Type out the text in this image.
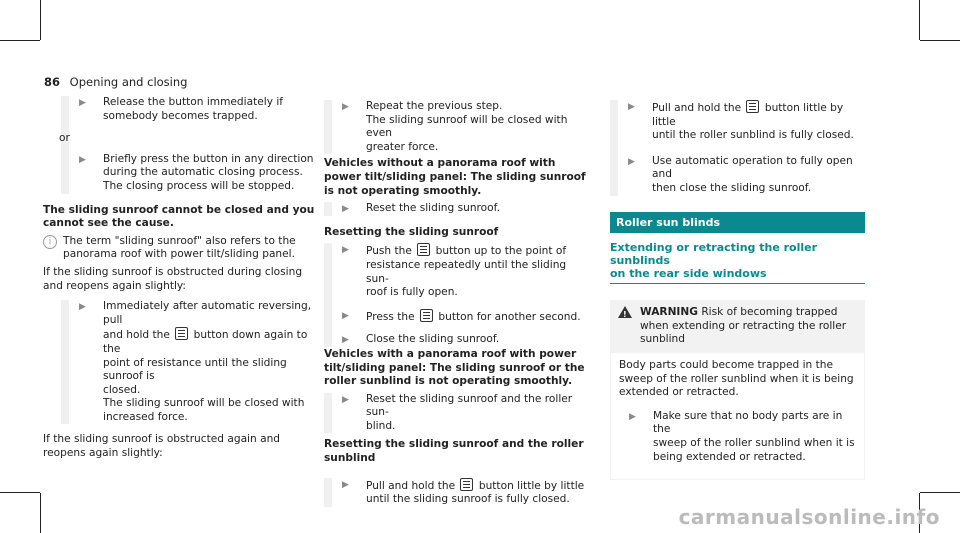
86 Opening and closing
▶ Release the button immediately if
somebody becomes trapped.
or
▶ Briefly press the button in any direction
during the automatic closing process.
The closing process will be stopped.
The sliding sunroof cannot be closed and you
cannot see the cause.
i	The term "sliding sunroof" also refers to the
panorama roof with power tilt/sliding panel.
If the sliding sunroof is obstructed during closing
and reopens again slightly:
▶ Immediately after automatic reversing, pull
and hold the button down again to the
point of resistance until the sliding sunroof is
closed.
The sliding sunroof will be closed with
increased force.
If the sliding sunroof is obstructed again and
reopens again slightly:
▶ Repeat the previous step.
The sliding sunroof will be closed with even
greater force.
Vehicles without a panorama roof with
power tilt/sliding panel: The sliding sunroof
is not operating smoothly.
▶ Reset the sliding sunroof.
Resetting the sliding sunroof
▶ Push the button up to the point of
resistance repeatedly until the sliding sun-
roof is fully open.
▶ Press the button for another second.
▶ Close the sliding sunroof.
Vehicles with a panorama roof with power
tilt/sliding panel: The sliding sunroof or the
roller sunblind is not operating smoothly.
▶ Reset the sliding sunroof and the roller sun-
blind.
Resetting the sliding sunroof and the roller
sunblind
▶ Pull and hold the button little by little
until the sliding sunroof is fully closed.
▶ Pull and hold the button little by little
until the roller sunblind is fully closed.
▶ Use automatic operation to fully open and
then close the sliding sunroof.
Roller sun blinds
Extending or retracting the roller sunblinds
on the rear side windows
! WARNING Risk of becoming trapped
when extending or retracting the roller
sunblind
Body parts could become trapped in the
sweep of the roller sunblind when it is being
extended or retracted.
▶ Make sure that no body parts are in the
sweep of the roller sunblind when it is
being extended or retracted.
carmanualsonline.info
